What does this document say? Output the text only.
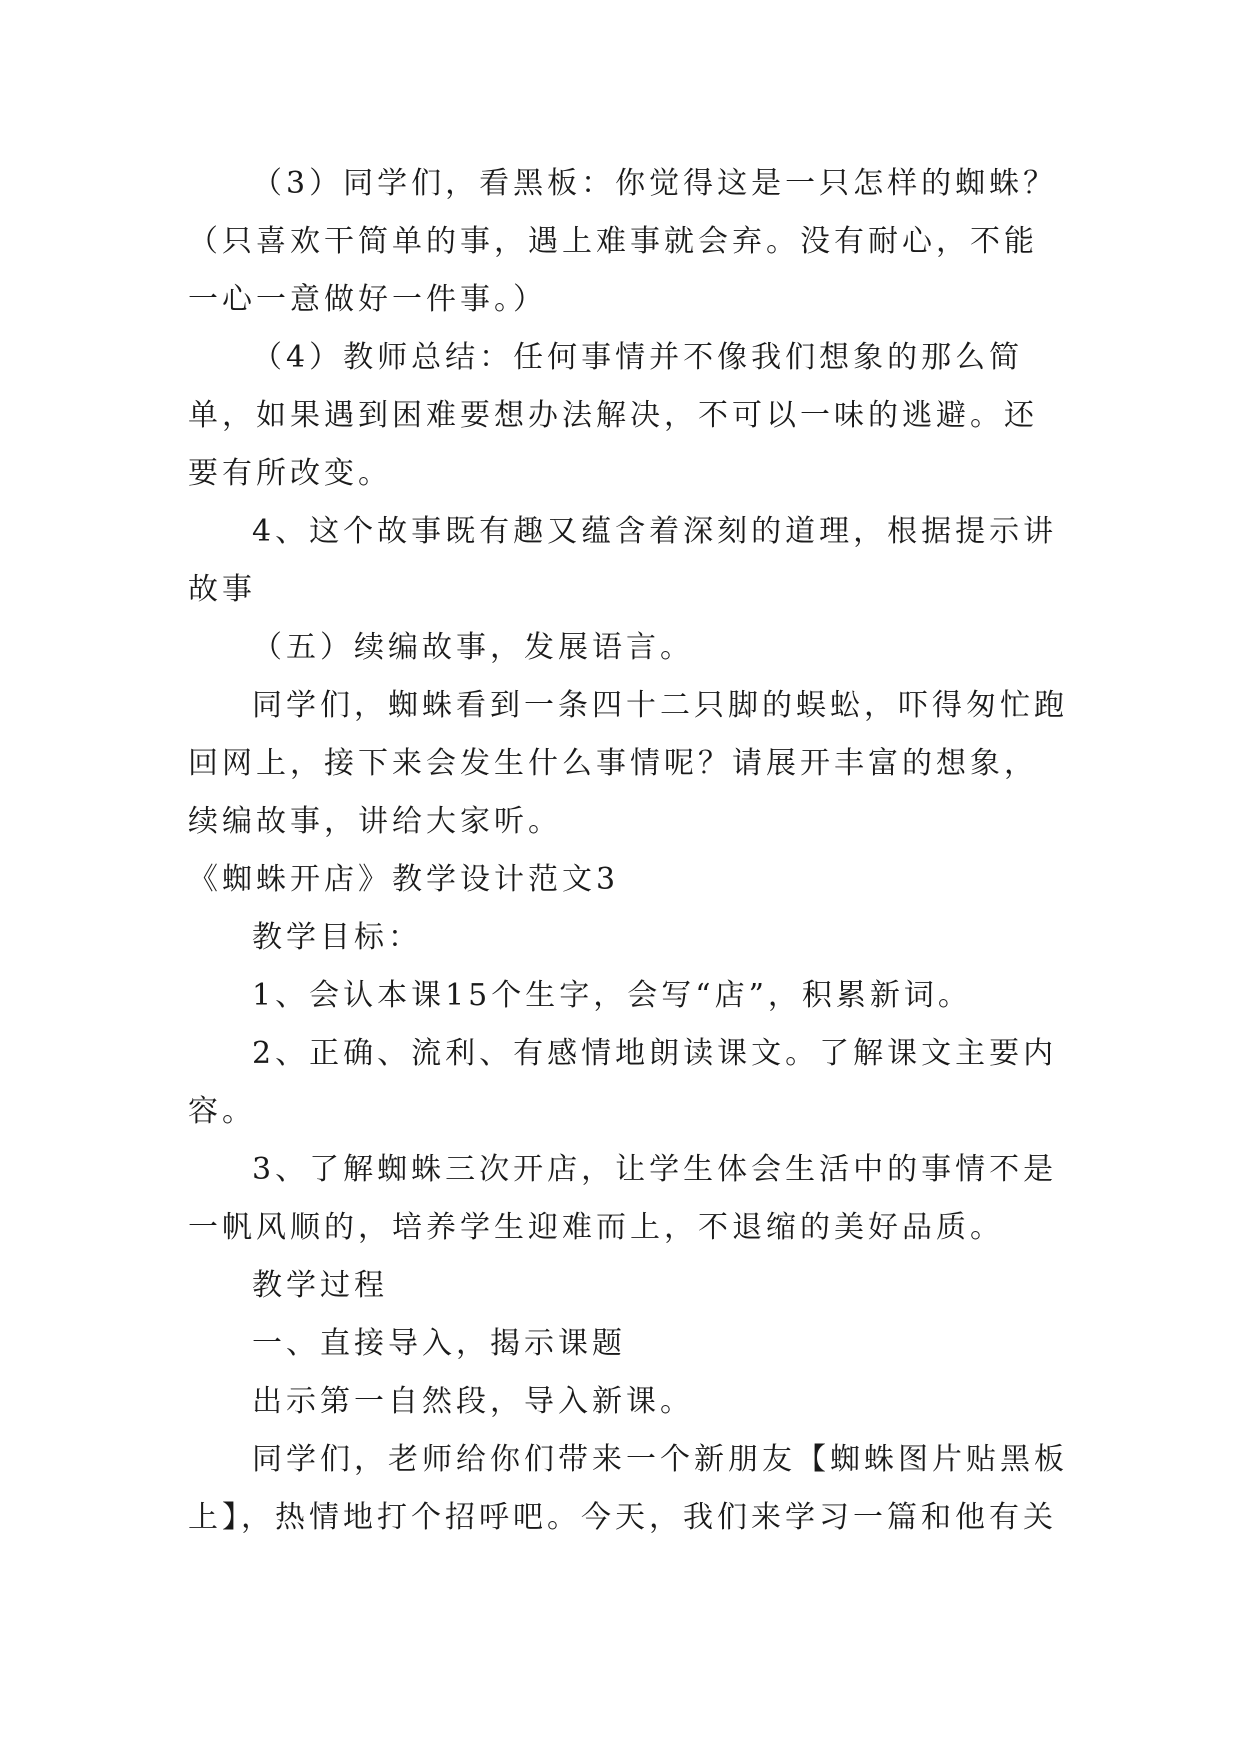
（3）同学们，看黑板：你觉得这是一只怎样的蜘蛛？（只喜欢干简单的事，遇上难事就会弃。没有耐心，不能一心一意做好一件事。）

（4）教师总结：任何事情并不像我们想象的那么简单，如果遇到困难要想办法解决，不可以一味的逃避。还要有所改变。

4、这个故事既有趣又蕴含着深刻的道理，根据提示讲故事

（五）续编故事，发展语言。

同学们，蜘蛛看到一条四十二只脚的蜈蚣，吓得匆忙跑回网上，接下来会发生什么事情呢？请展开丰富的想象，续编故事，讲给大家听。

《蜘蛛开店》教学设计范文3

教学目标：

1、会认本课15个生字，会写“店”，积累新词。

2、正确、流利、有感情地朗读课文。了解课文主要内容。

3、了解蜘蛛三次开店，让学生体会生活中的事情不是一帆风顺的，培养学生迎难而上，不退缩的美好品质。

教学过程

一、直接导入，揭示课题

出示第一自然段，导入新课。

同学们，老师给你们带来一个新朋友【蜘蛛图片贴黑板上】，热情地打个招呼吧。今天，我们来学习一篇和他有关
